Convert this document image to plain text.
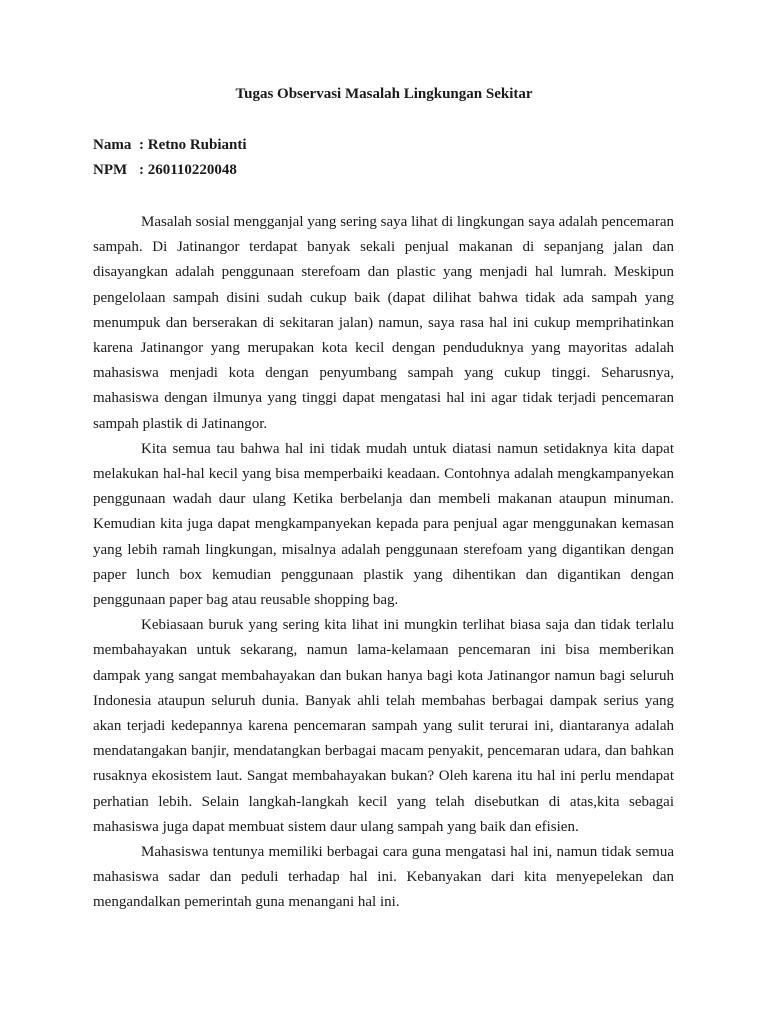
Tugas Observasi Masalah Lingkungan Sekitar
Nama : Retno Rubianti
NPM : 260110220048

Masalah sosial mengganjal yang sering saya lihat di lingkungan saya adalah pencemaran sampah. Di Jatinangor terdapat banyak sekali penjual makanan di sepanjang jalan dan disayangkan adalah penggunaan sterefoam dan plastic yang menjadi hal lumrah. Meskipun pengelolaan sampah disini sudah cukup baik (dapat dilihat bahwa tidak ada sampah yang menumpuk dan berserakan di sekitaran jalan) namun, saya rasa hal ini cukup memprihatinkan karena Jatinangor yang merupakan kota kecil dengan penduduknya yang mayoritas adalah mahasiswa menjadi kota dengan penyumbang sampah yang cukup tinggi. Seharusnya, mahasiswa dengan ilmunya yang tinggi dapat mengatasi hal ini agar tidak terjadi pencemaran sampah plastik di Jatinangor.

Kita semua tau bahwa hal ini tidak mudah untuk diatasi namun setidaknya kita dapat melakukan hal-hal kecil yang bisa memperbaiki keadaan. Contohnya adalah mengkampanyekan penggunaan wadah daur ulang Ketika berbelanja dan membeli makanan ataupun minuman. Kemudian kita juga dapat mengkampanyekan kepada para penjual agar menggunakan kemasan yang lebih ramah lingkungan, misalnya adalah penggunaan sterefoam yang digantikan dengan paper lunch box kemudian penggunaan plastik yang dihentikan dan digantikan dengan penggunaan paper bag atau reusable shopping bag.

Kebiasaan buruk yang sering kita lihat ini mungkin terlihat biasa saja dan tidak terlalu membahayakan untuk sekarang, namun lama-kelamaan pencemaran ini bisa memberikan dampak yang sangat membahayakan dan bukan hanya bagi kota Jatinangor namun bagi seluruh Indonesia ataupun seluruh dunia. Banyak ahli telah membahas berbagai dampak serius yang akan terjadi kedepannya karena pencemaran sampah yang sulit terurai ini, diantaranya adalah mendatangakan banjir, mendatangkan berbagai macam penyakit, pencemaran udara, dan bahkan rusaknya ekosistem laut. Sangat membahayakan bukan? Oleh karena itu hal ini perlu mendapat perhatian lebih. Selain langkah-langkah kecil yang telah disebutkan di atas,kita sebagai mahasiswa juga dapat membuat sistem daur ulang sampah yang baik dan efisien.

Mahasiswa tentunya memiliki berbagai cara guna mengatasi hal ini, namun tidak semua mahasiswa sadar dan peduli terhadap hal ini. Kebanyakan dari kita menyepelekan dan mengandalkan pemerintah guna menangani hal ini.
